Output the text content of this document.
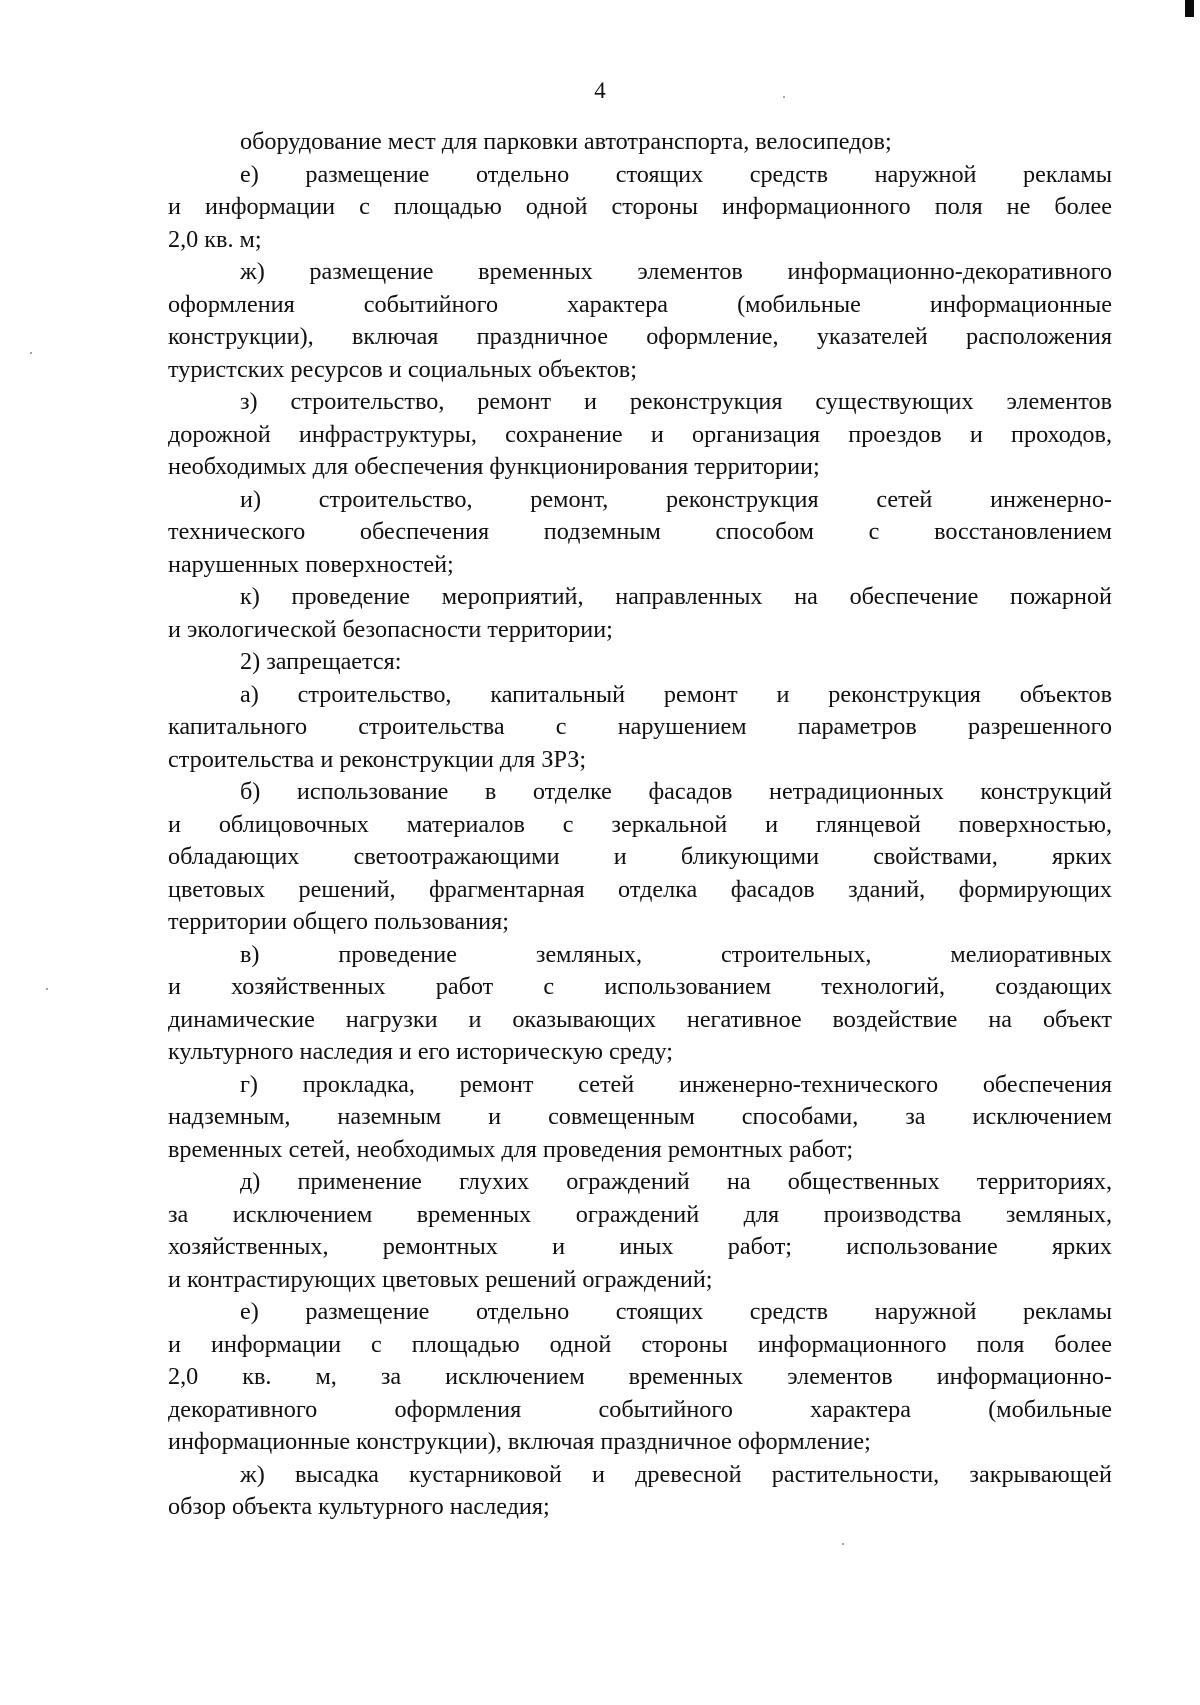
4
оборудование мест для парковки автотранспорта, велосипедов;
е) размещение отдельно стоящих средств наружной рекламы
и информации с площадью одной стороны информационного поля не более
2,0 кв. м;
ж) размещение временных элементов информационно-декоративного
оформления событийного характера (мобильные информационные
конструкции), включая праздничное оформление, указателей расположения
туристских ресурсов и социальных объектов;
з) строительство, ремонт и реконструкция существующих элементов
дорожной инфраструктуры, сохранение и организация проездов и проходов,
необходимых для обеспечения функционирования территории;
и) строительство, ремонт, реконструкция сетей инженерно-
технического обеспечения подземным способом с восстановлением
нарушенных поверхностей;
к) проведение мероприятий, направленных на обеспечение пожарной
и экологической безопасности территории;
2) запрещается:
а) строительство, капитальный ремонт и реконструкция объектов
капитального строительства с нарушением параметров разрешенного
строительства и реконструкции для ЗРЗ;
б) использование в отделке фасадов нетрадиционных конструкций
и облицовочных материалов с зеркальной и глянцевой поверхностью,
обладающих светоотражающими и бликующими свойствами, ярких
цветовых решений, фрагментарная отделка фасадов зданий, формирующих
территории общего пользования;
в) проведение земляных, строительных, мелиоративных
и хозяйственных работ с использованием технологий, создающих
динамические нагрузки и оказывающих негативное воздействие на объект
культурного наследия и его историческую среду;
г) прокладка, ремонт сетей инженерно-технического обеспечения
надземным, наземным и совмещенным способами, за исключением
временных сетей, необходимых для проведения ремонтных работ;
д) применение глухих ограждений на общественных территориях,
за исключением временных ограждений для производства земляных,
хозяйственных, ремонтных и иных работ; использование ярких
и контрастирующих цветовых решений ограждений;
е) размещение отдельно стоящих средств наружной рекламы
и информации с площадью одной стороны информационного поля более
2,0 кв. м, за исключением временных элементов информационно-
декоративного оформления событийного характера (мобильные
информационные конструкции), включая праздничное оформление;
ж) высадка кустарниковой и древесной растительности, закрывающей
обзор объекта культурного наследия;
